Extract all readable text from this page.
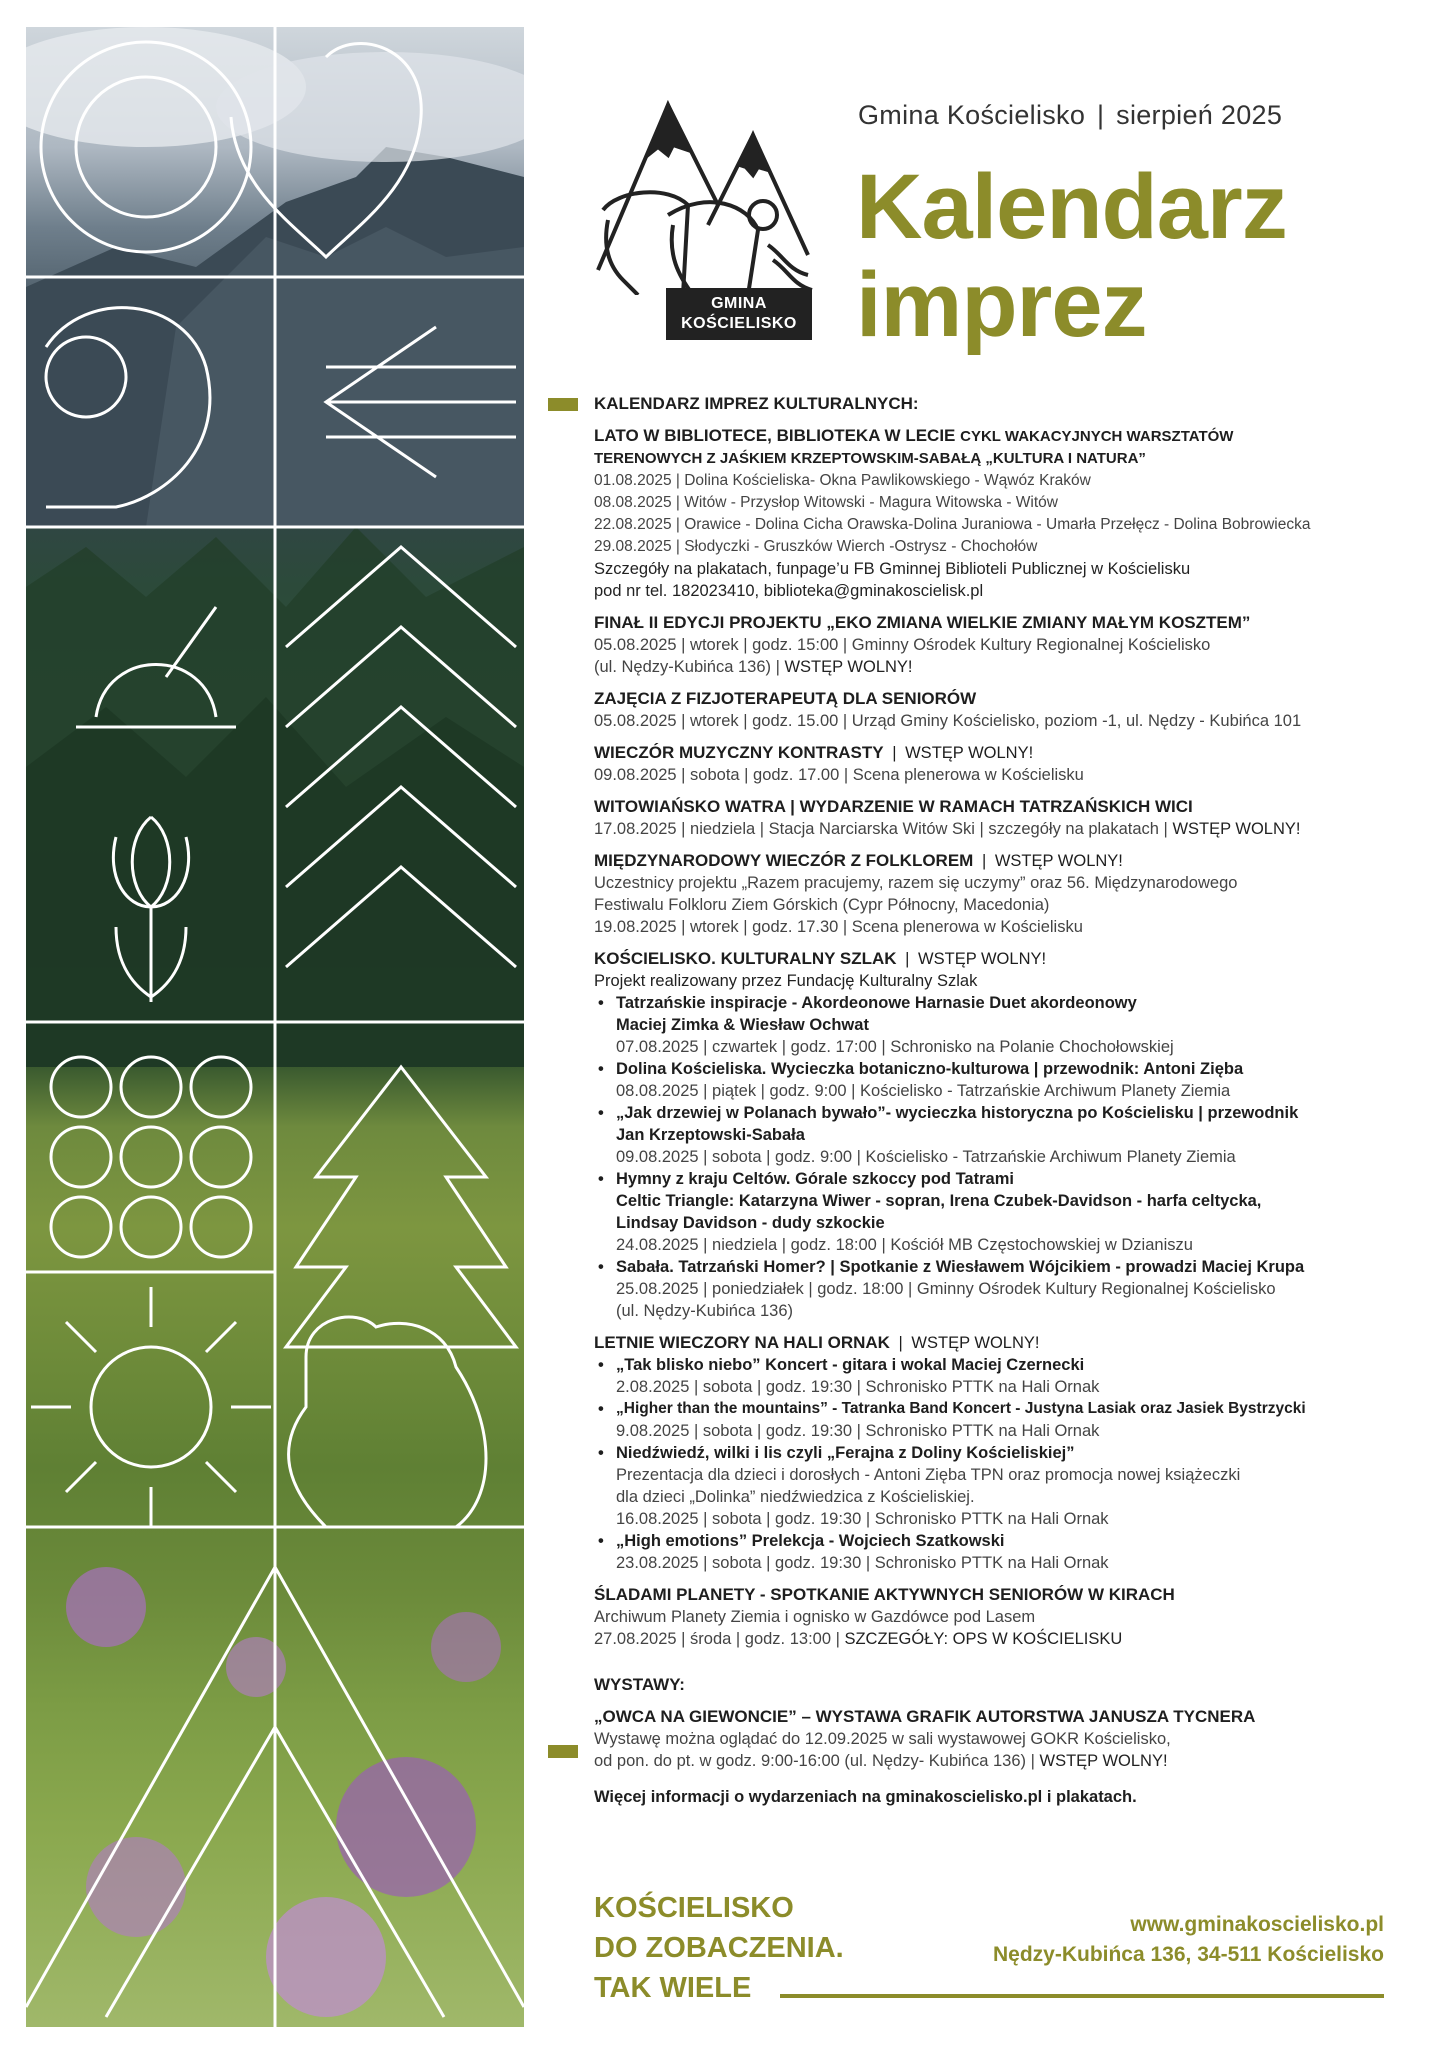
GMINA
KOŚCIELISKO
Gmina Kościelisko | sierpień 2025
Kalendarz
imprez
KALENDARZ IMPREZ KULTURALNYCH:
LATO W BIBLIOTECE, BIBLIOTEKA W LECIE CYKL WAKACYJNYCH WARSZTATÓW
TERENOWYCH Z JAŚKIEM KRZEPTOWSKIM-SABAŁĄ „KULTURA I NATURA”
01.08.2025 | Dolina Kościeliska- Okna Pawlikowskiego - Wąwóz Kraków
08.08.2025 | Witów - Przysłop Witowski - Magura Witowska - Witów
22.08.2025 | Orawice - Dolina Cicha Orawska-Dolina Juraniowa - Umarła Przełęcz - Dolina Bobrowiecka
29.08.2025 | Słodyczki - Gruszków Wierch -Ostrysz - Chochołów
Szczegóły na plakatach, funpage’u FB Gminnej Biblioteli Publicznej w Kościelisku
pod nr tel. 182023410, biblioteka@gminakoscielisk.pl
FINAŁ II EDYCJI PROJEKTU „EKO ZMIANA WIELKIE ZMIANY MAŁYM KOSZTEM”
05.08.2025 | wtorek | godz. 15:00 | Gminny Ośrodek Kultury Regionalnej Kościelisko
(ul. Nędzy-Kubińca 136) | WSTĘP WOLNY!
ZAJĘCIA Z FIZJOTERAPEUTĄ DLA SENIORÓW
05.08.2025 | wtorek | godz. 15.00 | Urząd Gminy Kościelisko, poziom -1, ul. Nędzy - Kubińca 101
WIECZÓR MUZYCZNY KONTRASTY | WSTĘP WOLNY!
09.08.2025 | sobota | godz. 17.00 | Scena plenerowa w Kościelisku
WITOWIAŃSKO WATRA | WYDARZENIE W RAMACH TATRZAŃSKICH WICI
17.08.2025 | niedziela | Stacja Narciarska Witów Ski | szczegóły na plakatach | WSTĘP WOLNY!
MIĘDZYNARODOWY WIECZÓR Z FOLKLOREM | WSTĘP WOLNY!
Uczestnicy projektu „Razem pracujemy, razem się uczymy” oraz 56. Międzynarodowego
Festiwalu Folkloru Ziem Górskich (Cypr Północny, Macedonia)
19.08.2025 | wtorek | godz. 17.30 | Scena plenerowa w Kościelisku
KOŚCIELISKO. KULTURALNY SZLAK | WSTĘP WOLNY!
Projekt realizowany przez Fundację Kulturalny Szlak
• Tatrzańskie inspiracje - Akordeonowe Harnasie Duet akordeonowy
Maciej Zimka & Wiesław Ochwat
07.08.2025 | czwartek | godz. 17:00 | Schronisko na Polanie Chochołowskiej
• Dolina Kościeliska. Wycieczka botaniczno-kulturowa | przewodnik: Antoni Zięba
08.08.2025 | piątek | godz. 9:00 | Kościelisko - Tatrzańskie Archiwum Planety Ziemia
• „Jak drzewiej w Polanach bywało”- wycieczka historyczna po Kościelisku | przewodnik
Jan Krzeptowski-Sabała
09.08.2025 | sobota | godz. 9:00 | Kościelisko - Tatrzańskie Archiwum Planety Ziemia
• Hymny z kraju Celtów. Górale szkoccy pod Tatrami
Celtic Triangle: Katarzyna Wiwer - sopran, Irena Czubek-Davidson - harfa celtycka,
Lindsay Davidson - dudy szkockie
24.08.2025 | niedziela | godz. 18:00 | Kościół MB Częstochowskiej w Dzianiszu
• Sabała. Tatrzański Homer? | Spotkanie z Wiesławem Wójcikiem - prowadzi Maciej Krupa
25.08.2025 | poniedziałek | godz. 18:00 | Gminny Ośrodek Kultury Regionalnej Kościelisko
(ul. Nędzy-Kubińca 136)
LETNIE WIECZORY NA HALI ORNAK | WSTĘP WOLNY!
• „Tak blisko niebo” Koncert - gitara i wokal Maciej Czernecki
2.08.2025 | sobota | godz. 19:30 | Schronisko PTTK na Hali Ornak
• „Higher than the mountains” - Tatranka Band Koncert - Justyna Lasiak oraz Jasiek Bystrzycki
9.08.2025 | sobota | godz. 19:30 | Schronisko PTTK na Hali Ornak
• Niedźwiedź, wilki i lis czyli „Ferajna z Doliny Kościeliskiej”
Prezentacja dla dzieci i dorosłych - Antoni Zięba TPN oraz promocja nowej książeczki
dla dzieci „Dolinka” niedźwiedzica z Kościeliskiej.
16.08.2025 | sobota | godz. 19:30 | Schronisko PTTK na Hali Ornak
• „High emotions” Prelekcja - Wojciech Szatkowski
23.08.2025 | sobota | godz. 19:30 | Schronisko PTTK na Hali Ornak
ŚLADAMI PLANETY - SPOTKANIE AKTYWNYCH SENIORÓW W KIRACH
Archiwum Planety Ziemia i ognisko w Gazdówce pod Lasem
27.08.2025 | środa | godz. 13:00 | SZCZEGÓŁY: OPS W KOŚCIELISKU
WYSTAWY:
„OWCA NA GIEWONCIE” – WYSTAWA GRAFIK AUTORSTWA JANUSZA TYCNERA
Wystawę można oglądać do 12.09.2025 w sali wystawowej GOKR Kościelisko,
od pon. do pt. w godz. 9:00-16:00 (ul. Nędzy- Kubińca 136) | WSTĘP WOLNY!
Więcej informacji o wydarzeniach na gminakoscielisko.pl i plakatach.
KOŚCIELISKO
DO ZOBACZENIA.
TAK WIELE
www.gminakoscielisko.pl
Nędzy-Kubińca 136, 34-511 Kościelisko
